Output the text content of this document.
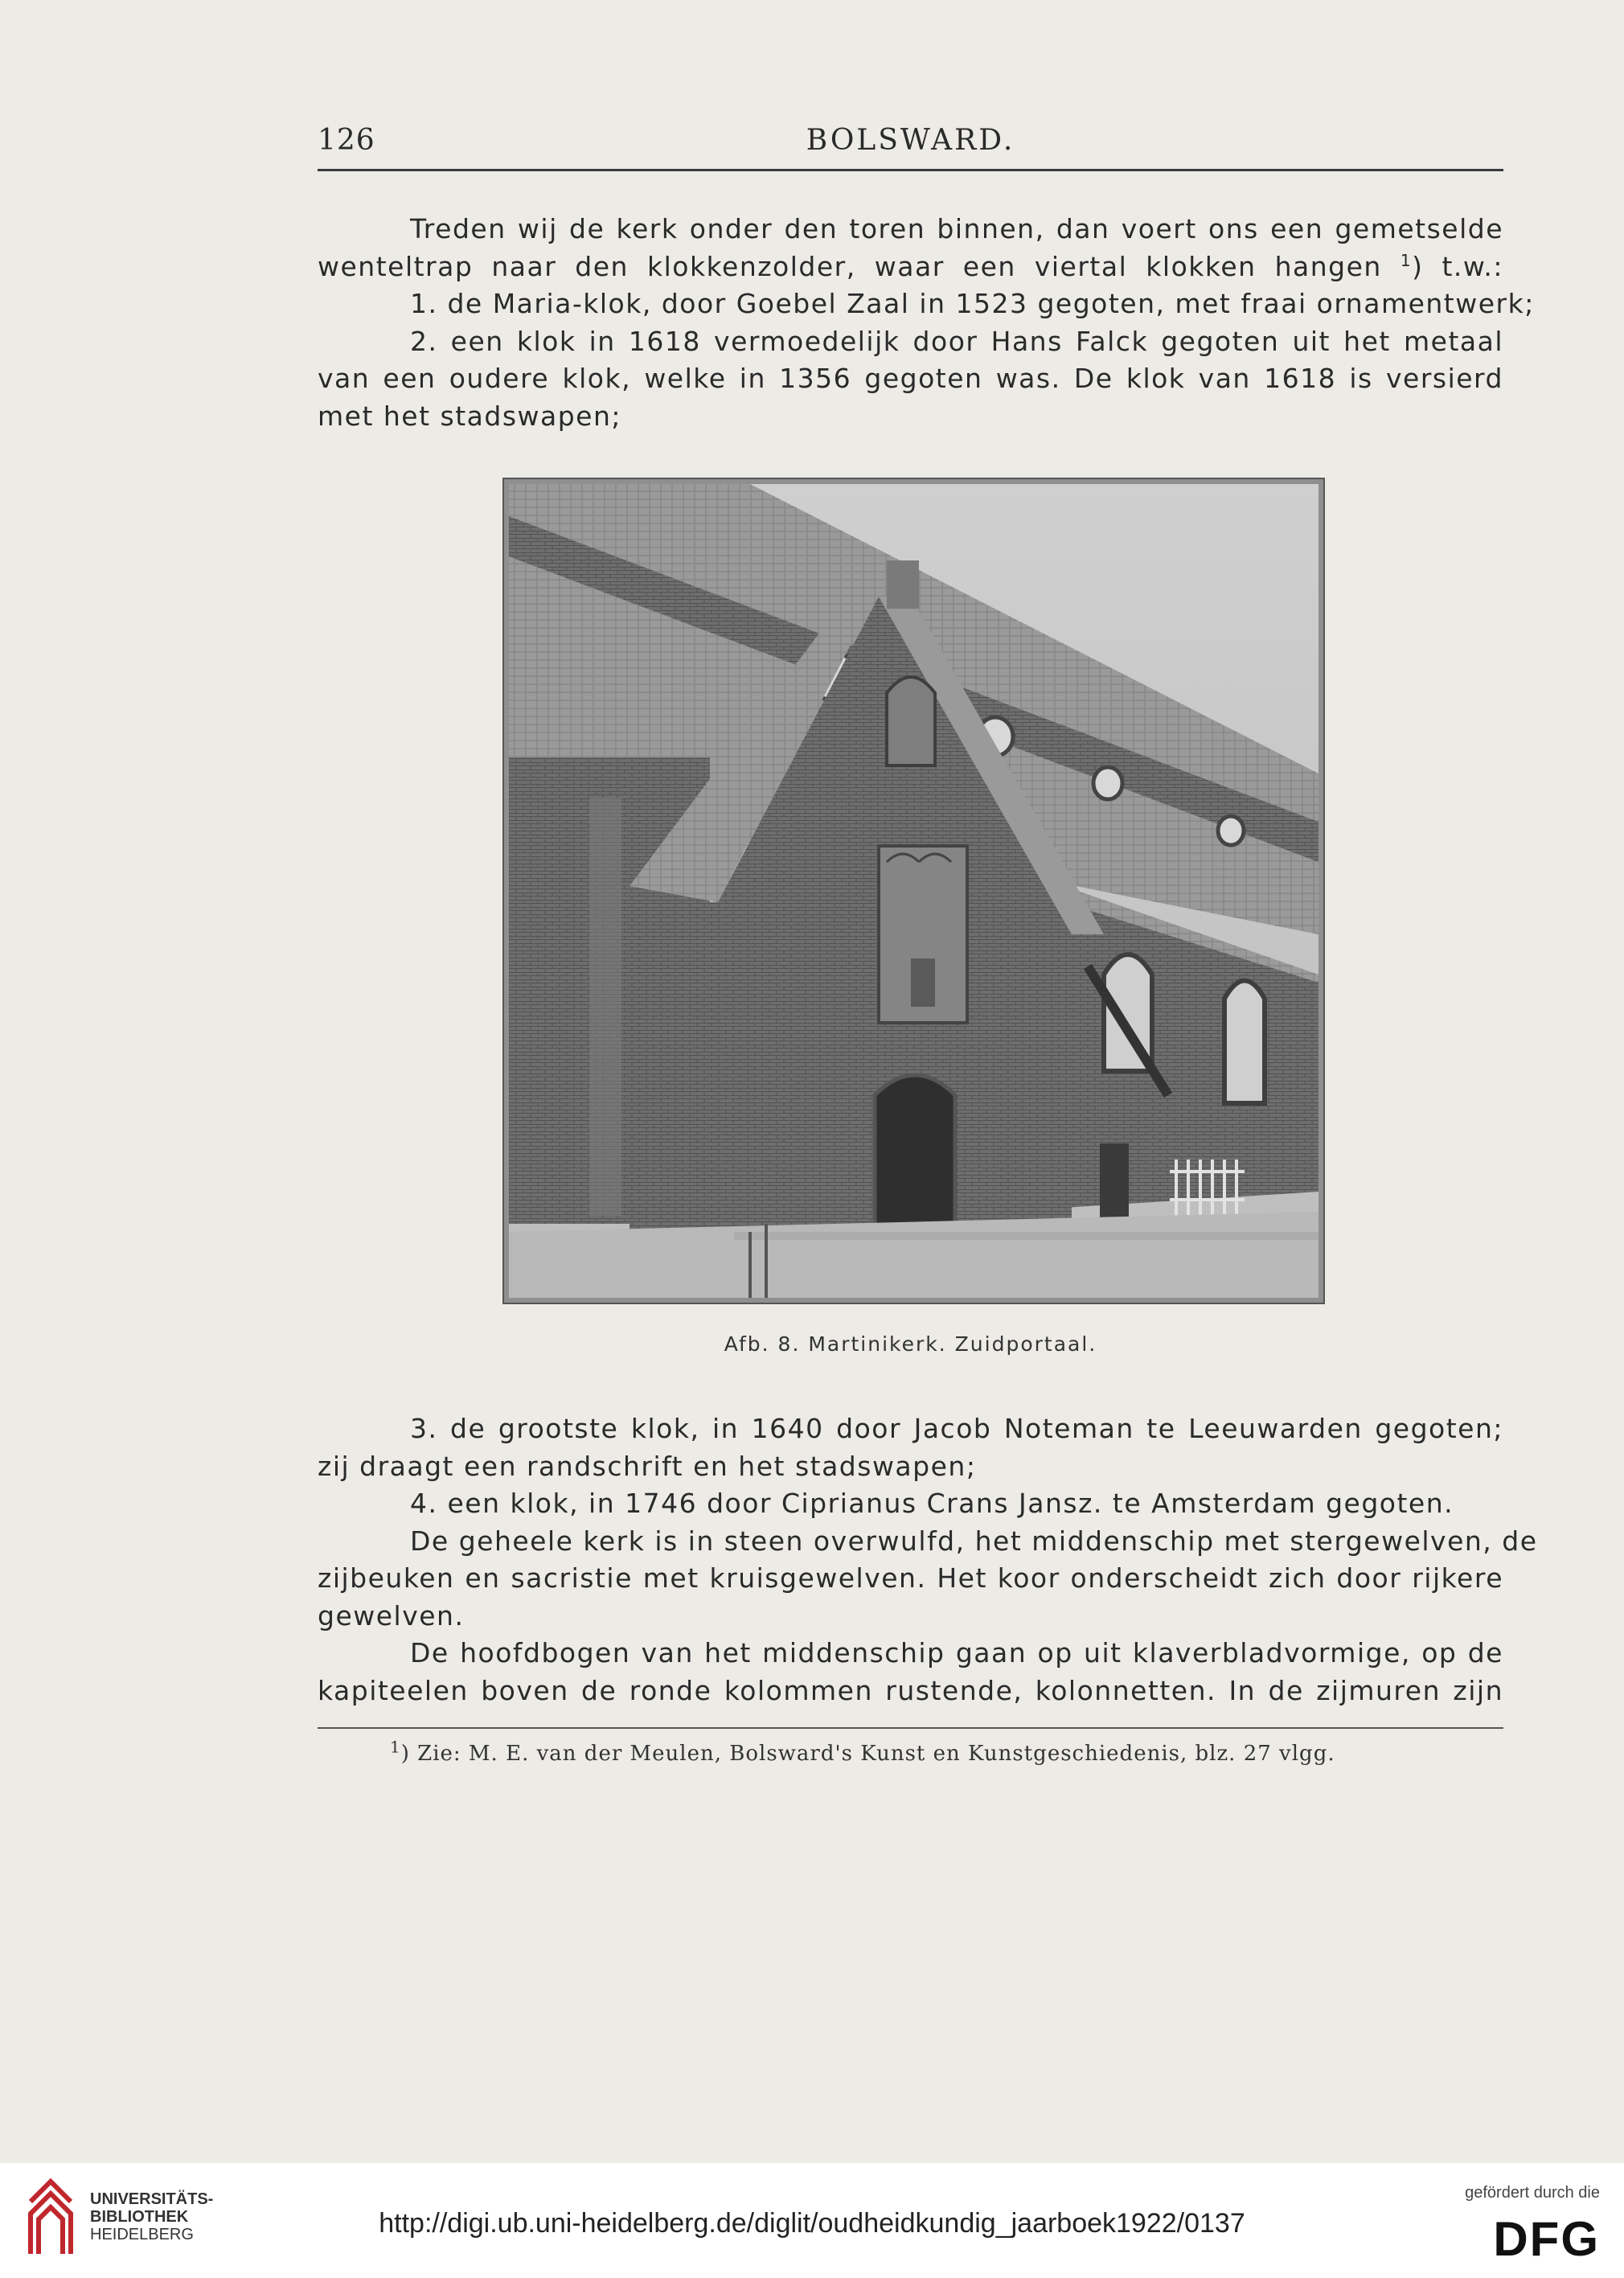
126	BOLSWARD.
Treden wij de kerk onder den toren binnen, dan voert ons een gemetselde
wenteltrap naar den klokkenzolder, waar een viertal klokken hangen $^1$) t.w.:
1. de Maria-klok, door Goebel Zaal in 1523 gegoten, met fraai ornamentwerk;
2. een klok in 1618 vermoedelijk door Hans Falck gegoten uit het metaal
van een oudere klok, welke in 1356 gegoten was. De klok van 1618 is versierd
met het stadswapen;
Afb. 8. Martinikerk. Zuidportaal.
3. de grootste klok, in 1640 door Jacob Noteman te Leeuwarden gegoten;
zij draagt een randschrift en het stadswapen;
4. een klok, in 1746 door Ciprianus Crans Jansz. te Amsterdam gegoten.
De geheele kerk is in steen overwulfd, het middenschip met stergewelven, de
zijbeuken en sacristie met kruisgewelven. Het koor onderscheidt zich door rijkere
gewelven.
De hoofdbogen van het middenschip gaan op uit klaverbladvormige, op de
kapiteelen boven de ronde kolommen rustende, kolonnetten. In de zijmuren zijn
$^1$) Zie: M. E. van der Meulen, Bolsward's Kunst en Kunstgeschiedenis, blz. 27 vlgg.
UNIVERSITÄTS-
BIBLIOTHEK
HEIDELBERG	http://digi.ub.uni-heidelberg.de/diglit/oudheidkundig_jaarboek1922/0137
gefördert durch die
DFG
